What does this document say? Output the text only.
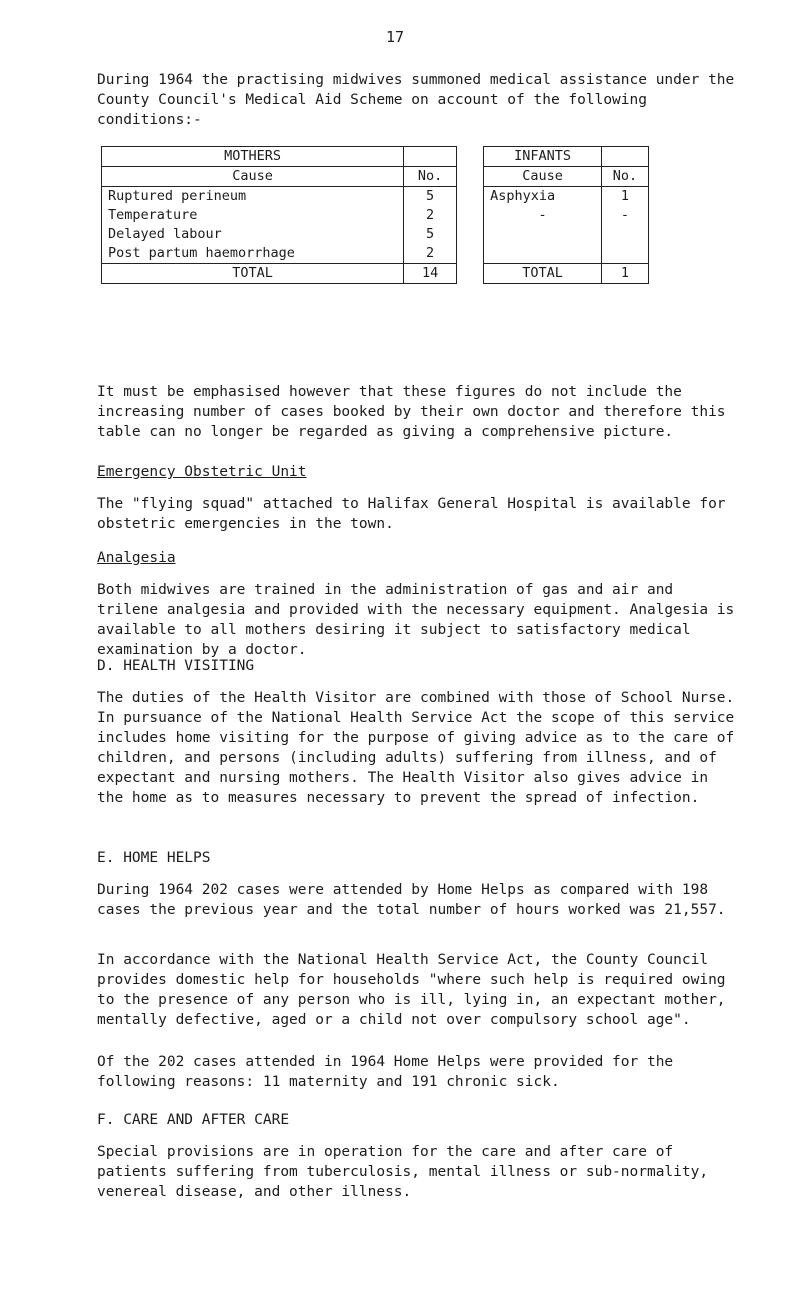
17

During 1964 the practising midwives summoned medical assistance under the County Council's Medical Aid Scheme on account of the following conditions:-

MOTHERS			INFANTS	
Cause	No.		Cause	No.
Ruptured perineum	5		Asphyxia	1
Temperature	2		-	-
Delayed labour	5			
Post partum haemorrhage	2			
TOTAL	14		TOTAL	1

It must be emphasised however that these figures do not include the increasing number of cases booked by their own doctor and therefore this table can no longer be regarded as giving a comprehensive picture.

Emergency Obstetric Unit

The "flying squad" attached to Halifax General Hospital is available for obstetric emergencies in the town.

Analgesia

Both midwives are trained in the administration of gas and air and trilene analgesia and provided with the necessary equipment. Analgesia is available to all mothers desiring it subject to satisfactory medical examination by a doctor.

D. HEALTH VISITING

The duties of the Health Visitor are combined with those of School Nurse. In pursuance of the National Health Service Act the scope of this service includes home visiting for the purpose of giving advice as to the care of children, and persons (including adults) suffering from illness, and of expectant and nursing mothers. The Health Visitor also gives advice in the home as to measures necessary to prevent the spread of infection.

E. HOME HELPS

During 1964 202 cases were attended by Home Helps as compared with 198 cases the previous year and the total number of hours worked was 21,557.

In accordance with the National Health Service Act, the County Council provides domestic help for households "where such help is required owing to the presence of any person who is ill, lying in, an expectant mother, mentally defective, aged or a child not over compulsory school age".

Of the 202 cases attended in 1964 Home Helps were provided for the following reasons: 11 maternity and 191 chronic sick.

F. CARE AND AFTER CARE

Special provisions are in operation for the care and after care of patients suffering from tuberculosis, mental illness or sub-normality, venereal disease, and other illness.
